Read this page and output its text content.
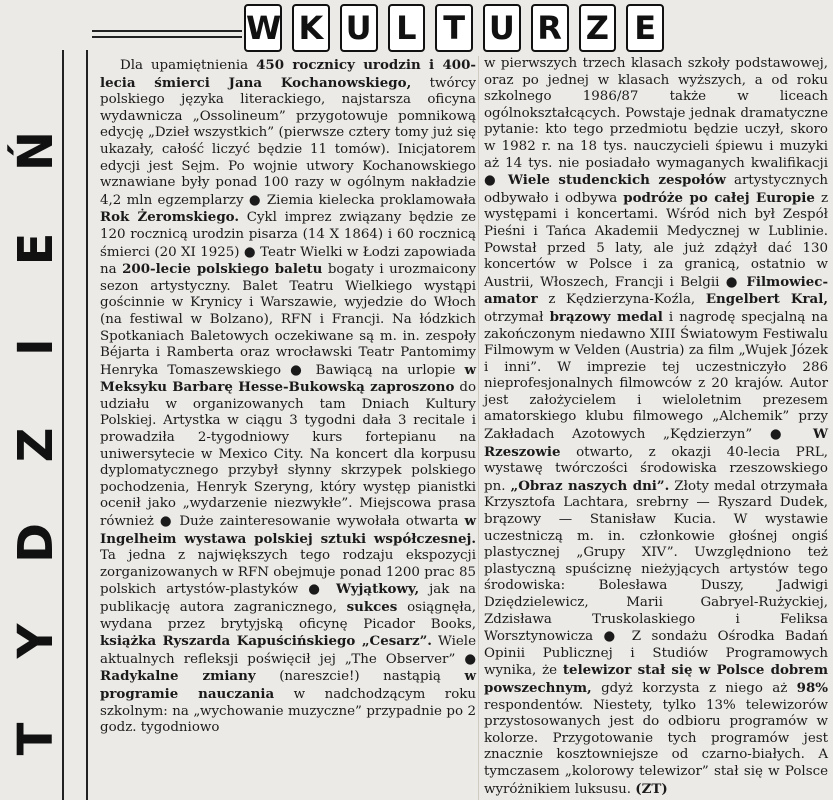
W K U L T U R Z E
Ń
E
I
Z
D
Y
T

Dla upamiętnienia 450 rocznicy urodzin i 400-lecia śmierci Jana Kochanowskiego, twórcy polskiego języka literackiego, najstarsza oficyna wydawnicza „Ossolineum” przygotowuje pomnikową edycję „Dzieł wszystkich” (pierwsze cztery tomy już się ukazały, całość liczyć będzie 11 tomów). Inicjatorem edycji jest Sejm. Po wojnie utwory Kochanowskiego wznawiane były ponad 100 razy w ogólnym nakładzie 4,2 mln egzemplarzy ● Ziemia kielecka proklamowała Rok Żeromskiego. Cykl imprez związany będzie ze 120 rocznicą urodzin pisarza (14 X 1864) i 60 rocznicą śmierci (20 XI 1925) ● Teatr Wielki w Łodzi zapowiada na 200-lecie polskiego baletu bogaty i urozmaicony sezon artystyczny. Balet Teatru Wielkiego wystąpi gościnnie w Krynicy i Warszawie, wyjedzie do Włoch (na festiwal w Bolzano), RFN i Francji. Na łódzkich Spotkaniach Baletowych oczekiwane są m. in. zespoły Béjarta i Ramberta oraz wrocławski Teatr Pantomimy Henryka Tomaszewskiego ● Bawiącą na urlopie w Meksyku Barbarę Hesse-Bukowską zaproszono do udziału w organizowanych tam Dniach Kultury Polskiej. Artystka w ciągu 3 tygodni dała 3 recitale i prowadziła 2-tygodniowy kurs fortepianu na uniwersytecie w Mexico City. Na koncert dla korpusu dyplomatycznego przybył słynny skrzypek polskiego pochodzenia, Henryk Szeryng, który występ pianistki ocenił jako „wydarzenie niezwykłe”. Miejscowa prasa również ● Duże zainteresowanie wywołała otwarta w Ingelheim wystawa polskiej sztuki współczesnej. Ta jedna z największych tego rodzaju ekspozycji zorganizowanych w RFN obejmuje ponad 1200 prac 85 polskich artystów-plastyków ● Wyjątkowy, jak na publikację autora zagranicznego, sukces osiągnęła, wydana przez brytyjską oficynę Picador Books, książka Ryszarda Kapuścińskiego „Cesarz”. Wiele aktualnych refleksji poświęcił jej „The Observer” ● Radykalne zmiany (nareszcie!) nastąpią w programie nauczania w nadchodzącym roku szkolnym: na „wychowanie muzyczne” przypadnie po 2 godz. tygodniowo

w pierwszych trzech klasach szkoły podstawowej, oraz po jednej w klasach wyższych, a od roku szkolnego 1986/87 także w liceach ogólnokształcących. Powstaje jednak dramatyczne pytanie: kto tego przedmiotu będzie uczył, skoro w 1982 r. na 18 tys. nauczycieli śpiewu i muzyki aż 14 tys. nie posiadało wymaganych kwalifikacji ● Wiele studenckich zespołów artystycznych odbywało i odbywa podróże po całej Europie z występami i koncertami. Wśród nich był Zespół Pieśni i Tańca Akademii Medycznej w Lublinie. Powstał przed 5 laty, ale już zdążył dać 130 koncertów w Polsce i za granicą, ostatnio w Austrii, Włoszech, Francji i Belgii ● Filmowiec-amator z Kędzierzyna-Koźla, Engelbert Kral, otrzymał brązowy medal i nagrodę specjalną na zakończonym niedawno XIII Światowym Festiwalu Filmowym w Velden (Austria) za film „Wujek Józek i inni”. W imprezie tej uczestniczyło 286 nieprofesjonalnych filmowców z 20 krajów. Autor jest założycielem i wieloletnim prezesem amatorskiego klubu filmowego „Alchemik” przy Zakładach Azotowych „Kędzierzyn” ● W Rzeszowie otwarto, z okazji 40-lecia PRL, wystawę twórczości środowiska rzeszowskiego pn. „Obraz naszych dni”. Złoty medal otrzymała Krzysztofa Lachtara, srebrny — Ryszard Dudek, brązowy — Stanisław Kucia. W wystawie uczestniczą m. in. członkowie głośnej ongiś plastycznej „Grupy XIV”. Uwzględniono też plastyczną spuściznę nieżyjących artystów tego środowiska: Bolesława Duszy, Jadwigi Dziędzielewicz, Marii Gabryel-Rużyckiej, Zdzisława Truskolaskiego i Feliksa Worsztynowicza ● Z sondażu Ośrodka Badań Opinii Publicznej i Studiów Programowych wynika, że telewizor stał się w Polsce dobrem powszechnym, gdyż korzysta z niego aż 98% respondentów. Niestety, tylko 13% telewizorów przystosowanych jest do odbioru programów w kolorze. Przygotowanie tych programów jest znacznie kosztowniejsze od czarno-białych. A tymczasem „kolorowy telewizor” stał się w Polsce wyróżnikiem luksusu. (ZT)
